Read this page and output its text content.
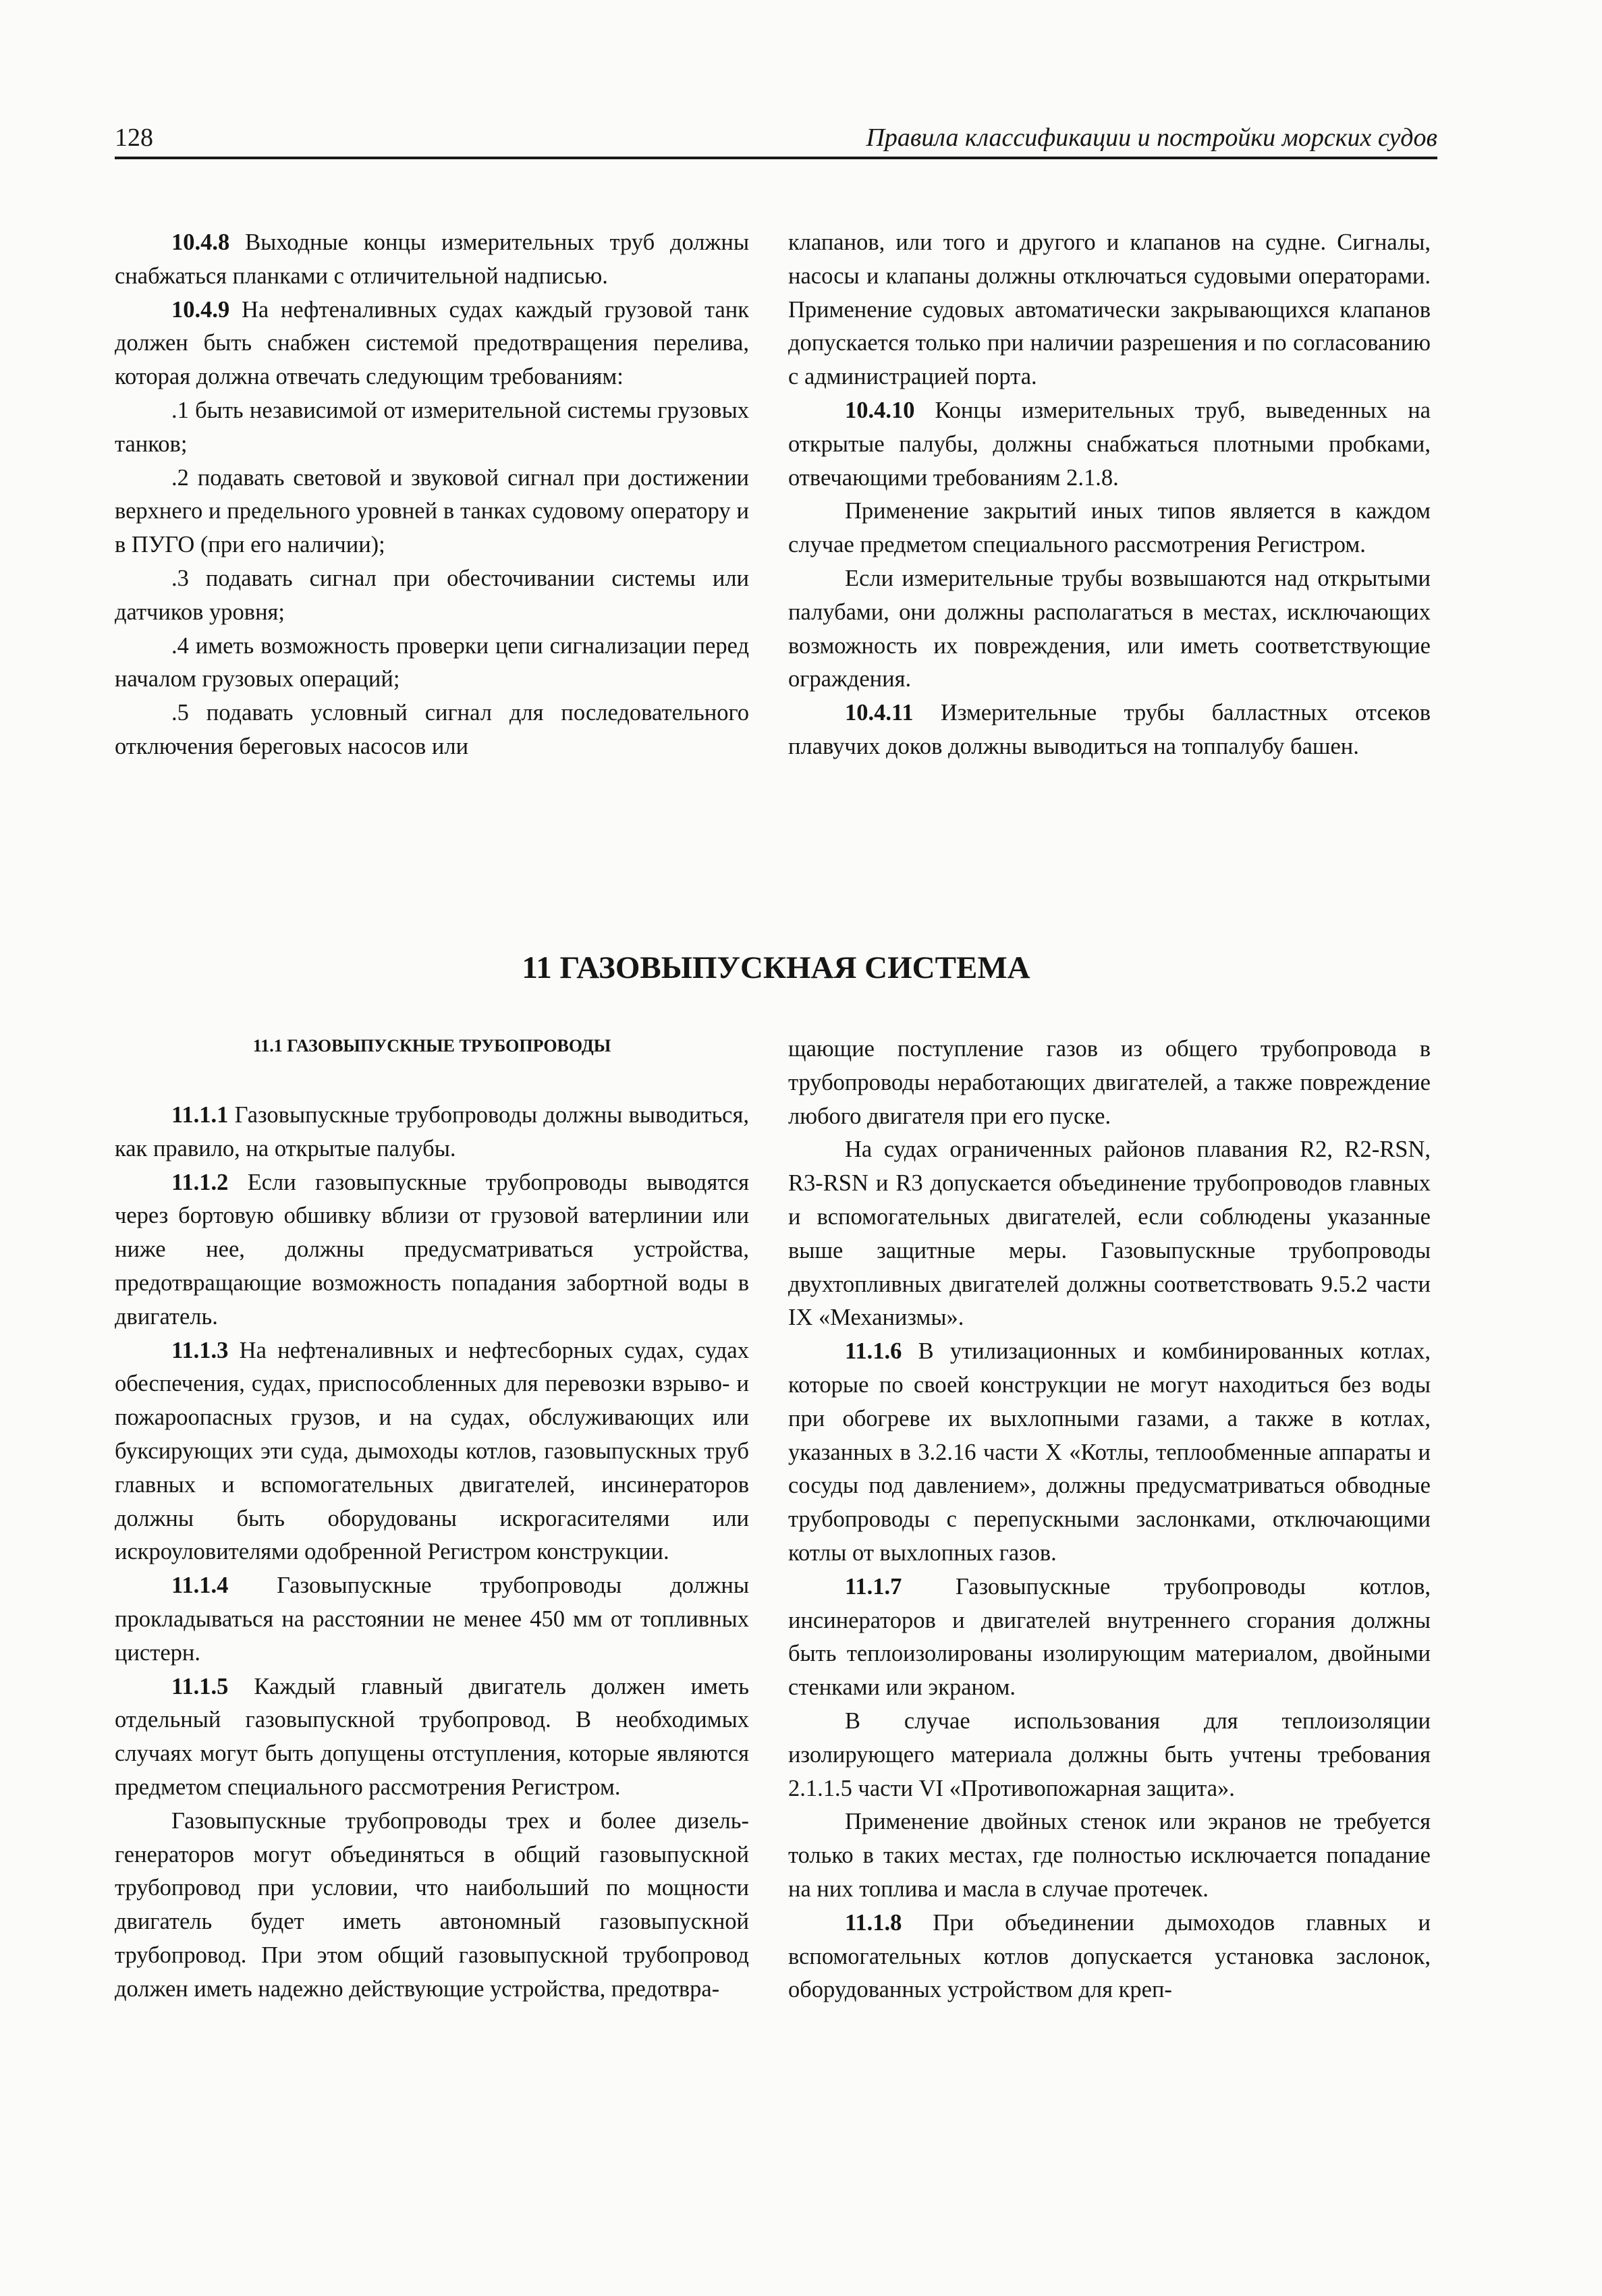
128	Правила классификации и постройки морских судов

10.4.8 Выходные концы измерительных труб должны снабжаться планками с отличительной надписью.

10.4.9 На нефтеналивных судах каждый грузовой танк должен быть снабжен системой предотвращения перелива, которая должна отвечать следующим требованиям:

.1 быть независимой от измерительной системы грузовых танков;

.2 подавать световой и звуковой сигнал при достижении верхнего и предельного уровней в танках судовому оператору и в ПУГО (при его наличии);

.3 подавать сигнал при обесточивании системы или датчиков уровня;

.4 иметь возможность проверки цепи сигнализации перед началом грузовых операций;

.5 подавать условный сигнал для последовательного отключения береговых насосов или

клапанов, или того и другого и клапанов на судне. Сигналы, насосы и клапаны должны отключаться судовыми операторами. Применение судовых автоматически закрывающихся клапанов допускается только при наличии разрешения и по согласованию с администрацией порта.

10.4.10 Концы измерительных труб, выведенных на открытые палубы, должны снабжаться плотными пробками, отвечающими требованиям 2.1.8.

Применение закрытий иных типов является в каждом случае предметом специального рассмотрения Регистром.

Если измерительные трубы возвышаются над открытыми палубами, они должны располагаться в местах, исключающих возможность их повреждения, или иметь соответствующие ограждения.

10.4.11 Измерительные трубы балластных отсеков плавучих доков должны выводиться на топпалубу башен.

11 ГАЗОВЫПУСКНАЯ СИСТЕМА

11.1 ГАЗОВЫПУСКНЫЕ ТРУБОПРОВОДЫ

11.1.1 Газовыпускные трубопроводы должны выводиться, как правило, на открытые палубы.

11.1.2 Если газовыпускные трубопроводы выводятся через бортовую обшивку вблизи от грузовой ватерлинии или ниже нее, должны предусматриваться устройства, предотвращающие возможность попадания забортной воды в двигатель.

11.1.3 На нефтеналивных и нефтесборных судах, судах обеспечения, судах, приспособленных для перевозки взрыво- и пожароопасных грузов, и на судах, обслуживающих или буксирующих эти суда, дымоходы котлов, газовыпускных труб главных и вспомогательных двигателей, инсинераторов должны быть оборудованы искрогасителями или искроуловителями одобренной Регистром конструкции.

11.1.4 Газовыпускные трубопроводы должны прокладываться на расстоянии не менее 450 мм от топливных цистерн.

11.1.5 Каждый главный двигатель должен иметь отдельный газовыпускной трубопровод. В необходимых случаях могут быть допущены отступления, которые являются предметом специального рассмотрения Регистром.

Газовыпускные трубопроводы трех и более дизель-генераторов могут объединяться в общий газовыпускной трубопровод при условии, что наибольший по мощности двигатель будет иметь автономный газовыпускной трубопровод. При этом общий газовыпускной трубопровод должен иметь надежно действующие устройства, предотвра-

щающие поступление газов из общего трубопровода в трубопроводы неработающих двигателей, а также повреждение любого двигателя при его пуске.

На судах ограниченных районов плавания R2, R2-RSN, R3-RSN и R3 допускается объединение трубопроводов главных и вспомогательных двигателей, если соблюдены указанные выше защитные меры. Газовыпускные трубопроводы двухтопливных двигателей должны соответствовать 9.5.2 части IX «Механизмы».

11.1.6 В утилизационных и комбинированных котлах, которые по своей конструкции не могут находиться без воды при обогреве их выхлопными газами, а также в котлах, указанных в 3.2.16 части X «Котлы, теплообменные аппараты и сосуды под давлением», должны предусматриваться обводные трубопроводы с перепускными заслонками, отключающими котлы от выхлопных газов.

11.1.7 Газовыпускные трубопроводы котлов, инсинераторов и двигателей внутреннего сгорания должны быть теплоизолированы изолирующим материалом, двойными стенками или экраном.

В случае использования для теплоизоляции изолирующего материала должны быть учтены требования 2.1.1.5 части VI «Противопожарная защита».

Применение двойных стенок или экранов не требуется только в таких местах, где полностью исключается попадание на них топлива и масла в случае протечек.

11.1.8 При объединении дымоходов главных и вспомогательных котлов допускается установка заслонок, оборудованных устройством для креп-
